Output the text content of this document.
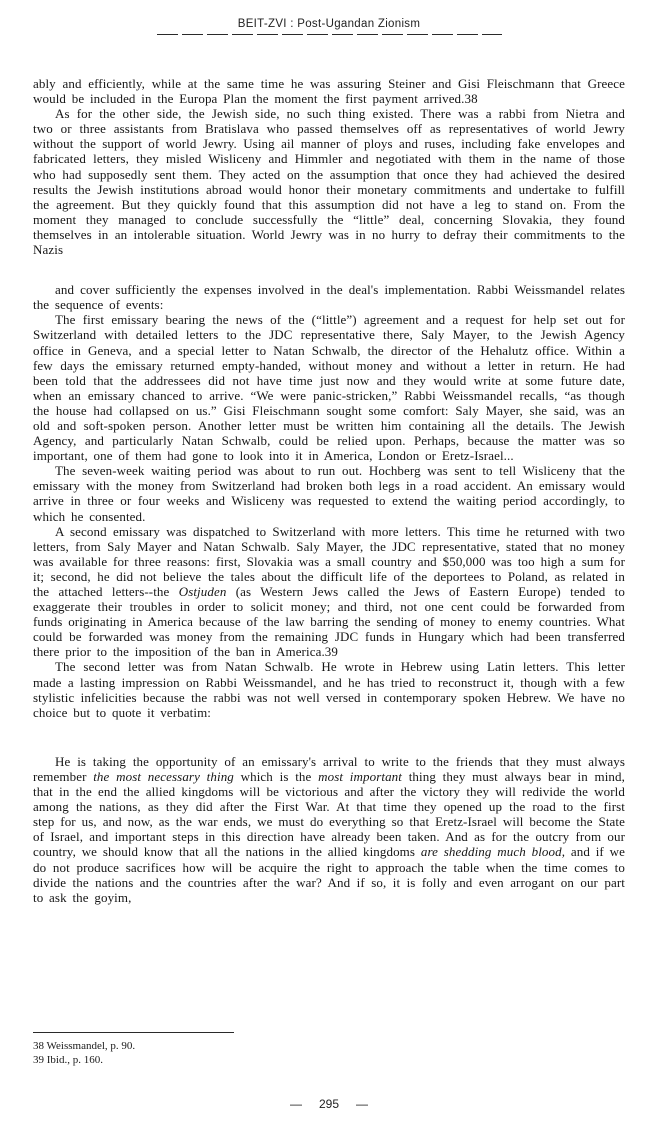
BEIT-ZVI : Post-Ugandan Zionism

ably and efficiently, while at the same time he was assuring Steiner and Gisi Fleischmann that Greece would be included in the Europa Plan the moment the first payment arrived.38

As for the other side, the Jewish side, no such thing existed. There was a rabbi from Nietra and two or three assistants from Bratislava who passed themselves off as representatives of world Jewry without the support of world Jewry. Using ail manner of ploys and ruses, including fake envelopes and fabricated letters, they misled Wisliceny and Himmler and negotiated with them in the name of those who had supposedly sent them. They acted on the assumption that once they had achieved the desired results the Jewish institutions abroad would honor their monetary commitments and undertake to fulfill the agreement. But they quickly found that this assumption did not have a leg to stand on. From the moment they managed to conclude successfully the “little” deal, concerning Slovakia, they found themselves in an intolerable situation. World Jewry was in no hurry to defray their commitments to the Nazis

and cover sufficiently the expenses involved in the deal's implementation. Rabbi Weissmandel relates the sequence of events:

The first emissary bearing the news of the (“little”) agreement and a request for help set out for Switzerland with detailed letters to the JDC representative there, Saly Mayer, to the Jewish Agency office in Geneva, and a special letter to Natan Schwalb, the director of the Hehalutz office. Within a few days the emissary returned empty-handed, without money and without a letter in return. He had been told that the addressees did not have time just now and they would write at some future date, when an emissary chanced to arrive. “We were panic-stricken,” Rabbi Weissmandel recalls, “as though the house had collapsed on us.” Gisi Fleischmann sought some comfort: Saly Mayer, she said, was an old and soft-spoken person. Another letter must be written him containing all the details. The Jewish Agency, and particularly Natan Schwalb, could be relied upon. Perhaps, because the matter was so important, one of them had gone to look into it in America, London or Eretz-Israel...

The seven-week waiting period was about to run out. Hochberg was sent to tell Wisliceny that the emissary with the money from Switzerland had broken both legs in a road accident. An emissary would arrive in three or four weeks and Wisliceny was requested to extend the waiting period accordingly, to which he consented.

A second emissary was dispatched to Switzerland with more letters. This time he returned with two letters, from Saly Mayer and Natan Schwalb. Saly Mayer, the JDC representative, stated that no money was available for three reasons: first, Slovakia was a small country and $50,000 was too high a sum for it; second, he did not believe the tales about the difficult life of the deportees to Poland, as related in the attached letters--the Ostjuden (as Western Jews called the Jews of Eastern Europe) tended to exaggerate their troubles in order to solicit money; and third, not one cent could be forwarded from funds originating in America because of the law barring the sending of money to enemy countries. What could be forwarded was money from the remaining JDC funds in Hungary which had been transferred there prior to the imposition of the ban in America.39

The second letter was from Natan Schwalb. He wrote in Hebrew using Latin letters. This letter made a lasting impression on Rabbi Weissmandel, and he has tried to reconstruct it, though with a few stylistic infelicities because the rabbi was not well versed in contemporary spoken Hebrew. We have no choice but to quote it verbatim:

He is taking the opportunity of an emissary's arrival to write to the friends that they must always remember the most necessary thing which is the most important thing they must always bear in mind, that in the end the allied kingdoms will be victorious and after the victory they will redivide the world among the nations, as they did after the First War. At that time they opened up the road to the first step for us, and now, as the war ends, we must do everything so that Eretz-Israel will become the State of Israel, and important steps in this direction have already been taken. And as for the outcry from our country, we should know that all the nations in the allied kingdoms are shedding much blood, and if we do not produce sacrifices how will be acquire the right to approach the table when the time comes to divide the nations and the countries after the war? And if so, it is folly and even arrogant on our part to ask the goyim,

38 Weissmandel, p. 90.
39 Ibid., p. 160.
— 295 —
